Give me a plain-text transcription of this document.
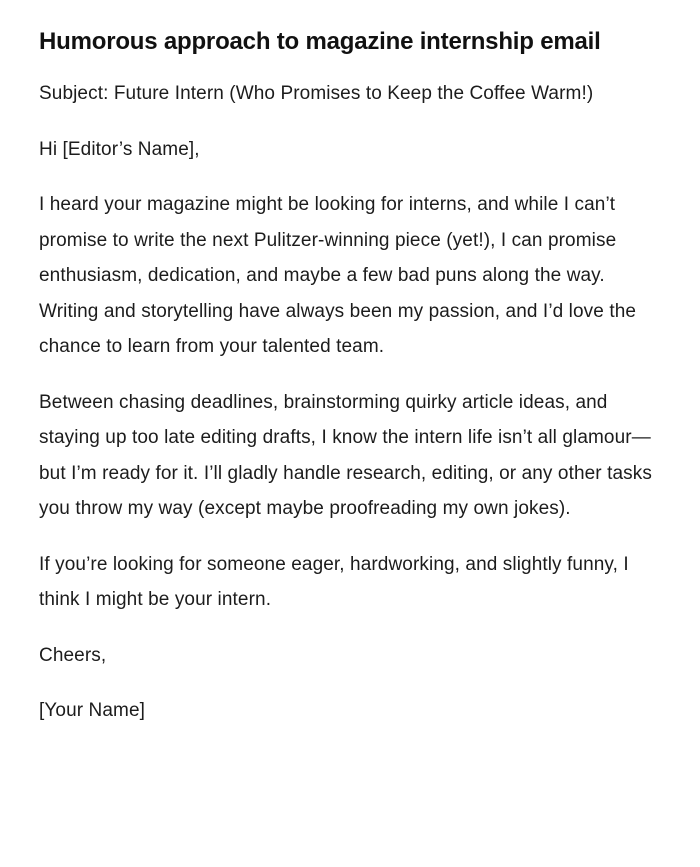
Humorous approach to magazine internship email

Subject: Future Intern (Who Promises to Keep the Coffee Warm!)

Hi [Editor’s Name],

I heard your magazine might be looking for interns, and while I can’t promise to write the next Pulitzer-winning piece (yet!), I can promise enthusiasm, dedication, and maybe a few bad puns along the way. Writing and storytelling have always been my passion, and I’d love the chance to learn from your talented team.

Between chasing deadlines, brainstorming quirky article ideas, and staying up too late editing drafts, I know the intern life isn’t all glamour—but I’m ready for it. I’ll gladly handle research, editing, or any other tasks you throw my way (except maybe proofreading my own jokes).

If you’re looking for someone eager, hardworking, and slightly funny, I think I might be your intern.

Cheers,

[Your Name]
